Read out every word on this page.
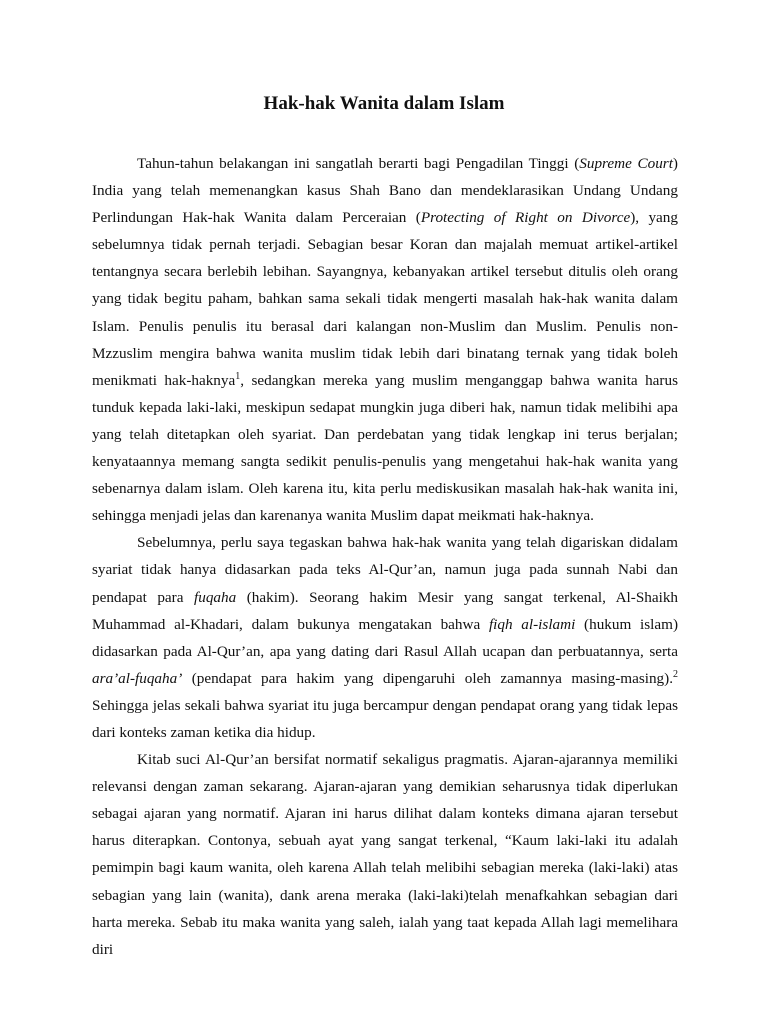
Hak-hak Wanita dalam Islam

Tahun-tahun belakangan ini sangatlah berarti bagi Pengadilan Tinggi (Supreme Court) India yang telah memenangkan kasus Shah Bano dan mendeklarasikan Undang Undang Perlindungan Hak-hak Wanita dalam Perceraian (Protecting of Right on Divorce), yang sebelumnya tidak pernah terjadi. Sebagian besar Koran dan majalah memuat artikel-artikel tentangnya secara berlebih lebihan. Sayangnya, kebanyakan artikel tersebut ditulis oleh orang yang tidak begitu paham, bahkan sama sekali tidak mengerti masalah hak-hak wanita dalam Islam. Penulis penulis itu berasal dari kalangan non-Muslim dan Muslim. Penulis non-Mzzuslim mengira bahwa wanita muslim tidak lebih dari binatang ternak yang tidak boleh menikmati hak-haknya$^1$, sedangkan mereka yang muslim menganggap bahwa wanita harus tunduk kepada laki-laki, meskipun sedapat mungkin juga diberi hak, namun tidak melibihi apa yang telah ditetapkan oleh syariat. Dan perdebatan yang tidak lengkap ini terus berjalan; kenyataannya memang sangta sedikit penulis-penulis yang mengetahui hak-hak wanita yang sebenarnya dalam islam. Oleh karena itu, kita perlu mediskusikan masalah hak-hak wanita ini, sehingga menjadi jelas dan karenanya wanita Muslim dapat meikmati hak-haknya.

Sebelumnya, perlu saya tegaskan bahwa hak-hak wanita yang telah digariskan didalam syariat tidak hanya didasarkan pada teks Al-Qur’an, namun juga pada sunnah Nabi dan pendapat para fuqaha (hakim). Seorang hakim Mesir yang sangat terkenal, Al-Shaikh Muhammad al-Khadari, dalam bukunya mengatakan bahwa fiqh al-islami (hukum islam) didasarkan pada Al-Qur’an, apa yang dating dari Rasul Allah ucapan dan perbuatannya, serta ara’al-fuqaha’ (pendapat para hakim yang dipengaruhi oleh zamannya masing-masing).$^2$ Sehingga jelas sekali bahwa syariat itu juga bercampur dengan pendapat orang yang tidak lepas dari konteks zaman ketika dia hidup.

Kitab suci Al-Qur’an bersifat normatif sekaligus pragmatis. Ajaran-ajarannya memiliki relevansi dengan zaman sekarang. Ajaran-ajaran yang demikian seharusnya tidak diperlukan sebagai ajaran yang normatif. Ajaran ini harus dilihat dalam konteks dimana ajaran tersebut harus diterapkan. Contonya, sebuah ayat yang sangat terkenal, “Kaum laki-laki itu adalah pemimpin bagi kaum wanita, oleh karena Allah telah melibihi sebagian mereka (laki-laki) atas sebagian yang lain (wanita), dank arena meraka (laki-laki)telah menafkahkan sebagian dari harta mereka. Sebab itu maka wanita yang saleh, ialah yang taat kepada Allah lagi memelihara diri
